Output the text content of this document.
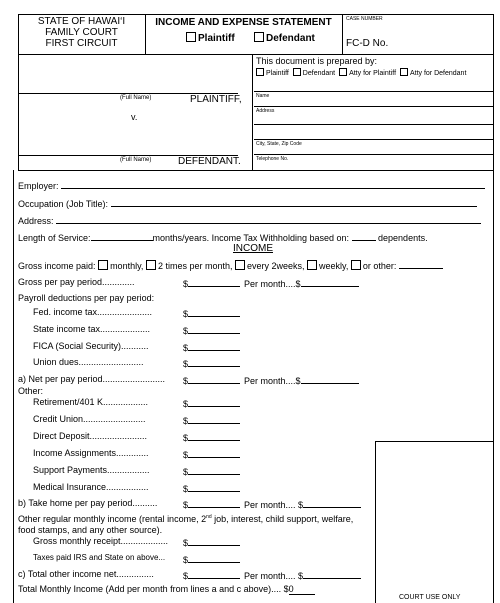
STATE OF HAWAI‘I
FAMILY COURT
FIRST CIRCUIT
INCOME AND EXPENSE STATEMENT
Plaintiff	Defendant
CASE NUMBER
FC-D No.
(Full Name)	PLAINTIFF,
v.
(Full Name)	DEFENDANT.
This document is prepared by:
Plaintiff Defendant Atty for Plaintiff Atty for Defendant
Name
Address
City, State, Zip Code
Telephone No.
Employer:
Occupation (Job Title):
Address:
Length of Service:	months/years. Income Tax Withholding based on:	dependents.
INCOME
Gross income paid: monthly, 2 times per month, every 2weeks, weekly, or other:
Gross per pay period.............	$	Per month....$
Payroll deductions per pay period:
Fed. income tax......................	$
State income tax....................	$
FICA (Social Security)...........	$
Union dues..........................	$
a) Net per pay period......................... $	Per month....$
Other:
Retirement/401 K..................	$
Credit Union.........................	$
Direct Deposit.......................	$
Income Assignments.............	$
Support Payments.................	$
Medical Insurance.................	$
b) Take home per pay period..........	$	Per month.... $
Other regular monthly income (rental income, 2nd job, interest, child support, welfare,
food stamps, and any other source).
Gross monthly receipt................... $
Taxes paid IRS and State on above... $
c) Total other income net...............	$	Per month.... $
Total Monthly Income (Add per month from lines a and c above).... $0
COURT USE ONLY
